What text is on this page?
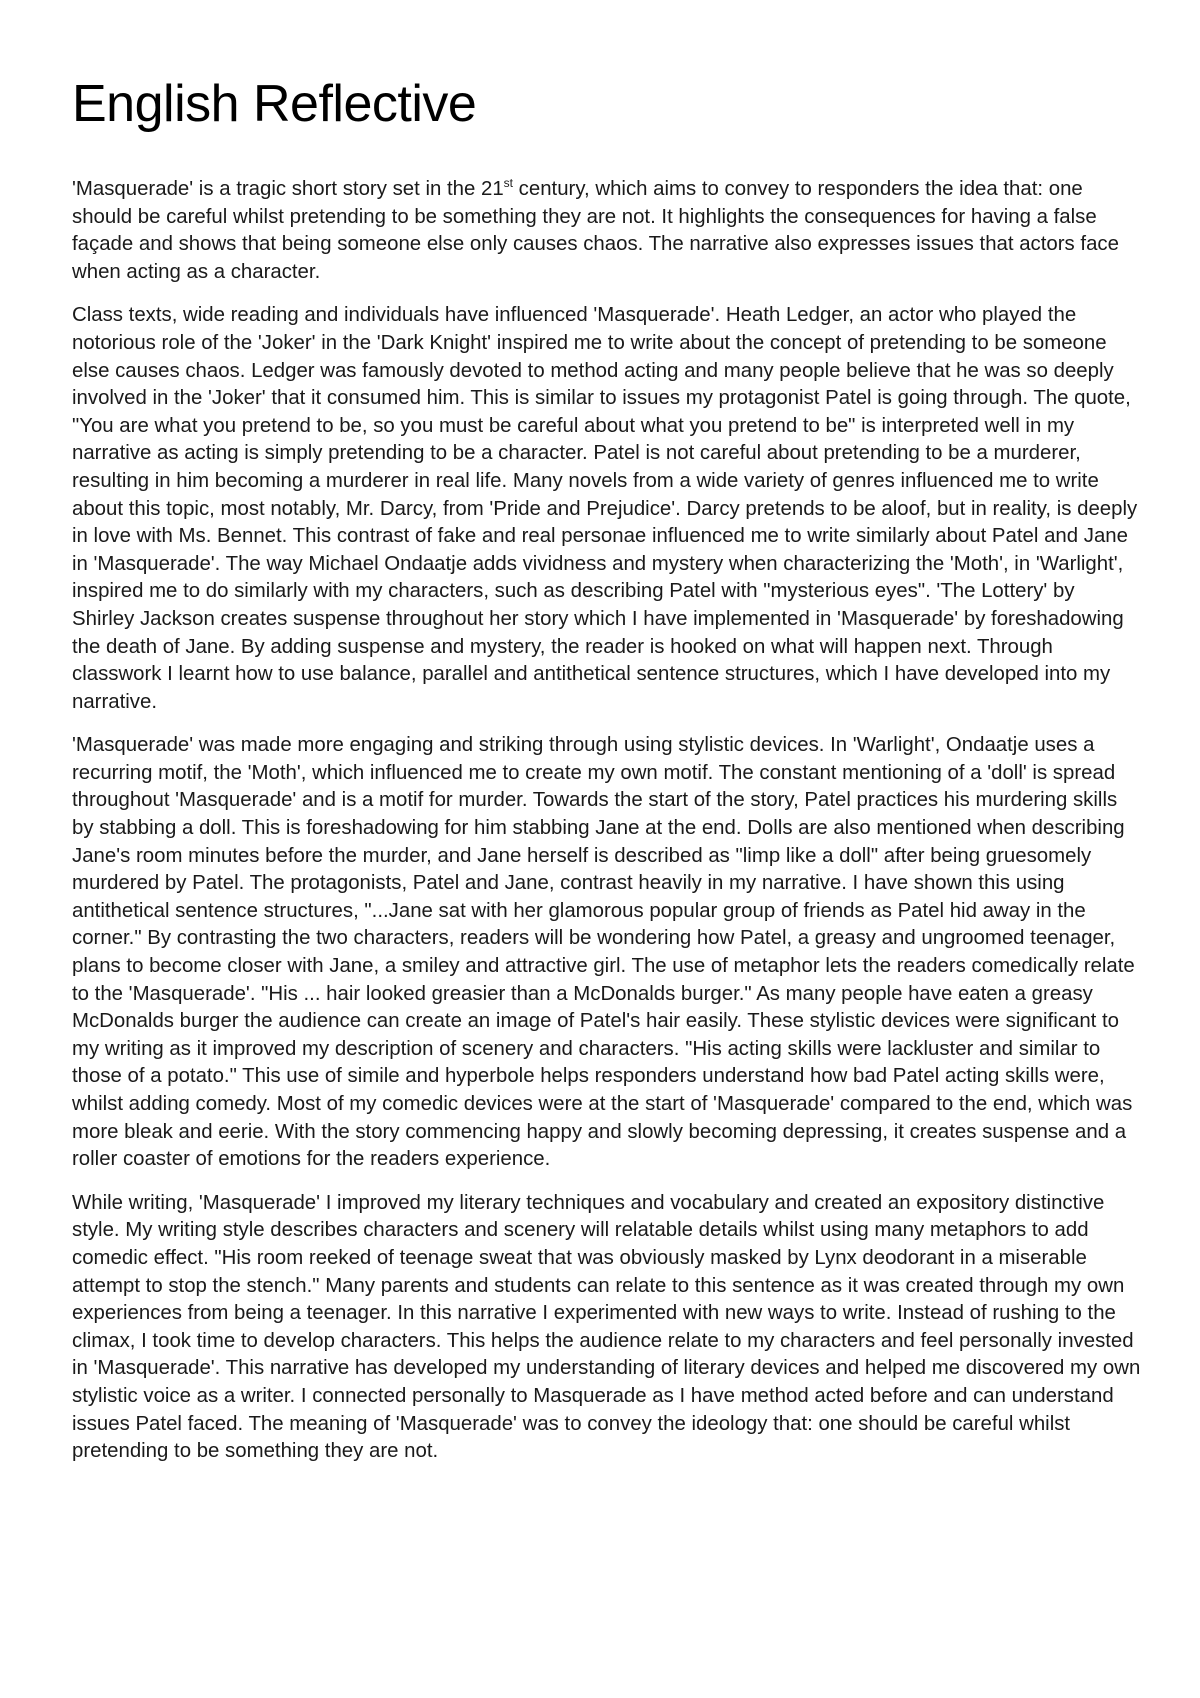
English Reflective

'Masquerade' is a tragic short story set in the 21st century, which aims to convey to responders the idea that: one should be careful whilst pretending to be something they are not. It highlights the consequences for having a false façade and shows that being someone else only causes chaos. The narrative also expresses issues that actors face when acting as a character.

Class texts, wide reading and individuals have influenced 'Masquerade'. Heath Ledger, an actor who played the notorious role of the 'Joker' in the 'Dark Knight' inspired me to write about the concept of pretending to be someone else causes chaos. Ledger was famously devoted to method acting and many people believe that he was so deeply involved in the 'Joker' that it consumed him. This is similar to issues my protagonist Patel is going through. The quote, "You are what you pretend to be, so you must be careful about what you pretend to be" is interpreted well in my narrative as acting is simply pretending to be a character. Patel is not careful about pretending to be a murderer, resulting in him becoming a murderer in real life. Many novels from a wide variety of genres influenced me to write about this topic, most notably, Mr. Darcy, from 'Pride and Prejudice'. Darcy pretends to be aloof, but in reality, is deeply in love with Ms. Bennet. This contrast of fake and real personae influenced me to write similarly about Patel and Jane in 'Masquerade'. The way Michael Ondaatje adds vividness and mystery when characterizing the 'Moth', in 'Warlight', inspired me to do similarly with my characters, such as describing Patel with "mysterious eyes". 'The Lottery' by Shirley Jackson creates suspense throughout her story which I have implemented in 'Masquerade' by foreshadowing the death of Jane. By adding suspense and mystery, the reader is hooked on what will happen next. Through classwork I learnt how to use balance, parallel and antithetical sentence structures, which I have developed into my narrative.

'Masquerade' was made more engaging and striking through using stylistic devices. In 'Warlight', Ondaatje uses a recurring motif, the 'Moth', which influenced me to create my own motif. The constant mentioning of a 'doll' is spread throughout 'Masquerade' and is a motif for murder. Towards the start of the story, Patel practices his murdering skills by stabbing a doll. This is foreshadowing for him stabbing Jane at the end. Dolls are also mentioned when describing Jane's room minutes before the murder, and Jane herself is described as "limp like a doll" after being gruesomely murdered by Patel. The protagonists, Patel and Jane, contrast heavily in my narrative. I have shown this using antithetical sentence structures, "...Jane sat with her glamorous popular group of friends as Patel hid away in the corner." By contrasting the two characters, readers will be wondering how Patel, a greasy and ungroomed teenager, plans to become closer with Jane, a smiley and attractive girl. The use of metaphor lets the readers comedically relate to the 'Masquerade'. "His ... hair looked greasier than a McDonalds burger." As many people have eaten a greasy McDonalds burger the audience can create an image of Patel's hair easily. These stylistic devices were significant to my writing as it improved my description of scenery and characters. "His acting skills were lackluster and similar to those of a potato." This use of simile and hyperbole helps responders understand how bad Patel acting skills were, whilst adding comedy. Most of my comedic devices were at the start of 'Masquerade' compared to the end, which was more bleak and eerie. With the story commencing happy and slowly becoming depressing, it creates suspense and a roller coaster of emotions for the readers experience.

While writing, 'Masquerade' I improved my literary techniques and vocabulary and created an expository distinctive style. My writing style describes characters and scenery will relatable details whilst using many metaphors to add comedic effect. "His room reeked of teenage sweat that was obviously masked by Lynx deodorant in a miserable attempt to stop the stench." Many parents and students can relate to this sentence as it was created through my own experiences from being a teenager. In this narrative I experimented with new ways to write. Instead of rushing to the climax, I took time to develop characters. This helps the audience relate to my characters and feel personally invested in 'Masquerade'. This narrative has developed my understanding of literary devices and helped me discovered my own stylistic voice as a writer. I connected personally to Masquerade as I have method acted before and can understand issues Patel faced. The meaning of 'Masquerade' was to convey the ideology that: one should be careful whilst pretending to be something they are not.
